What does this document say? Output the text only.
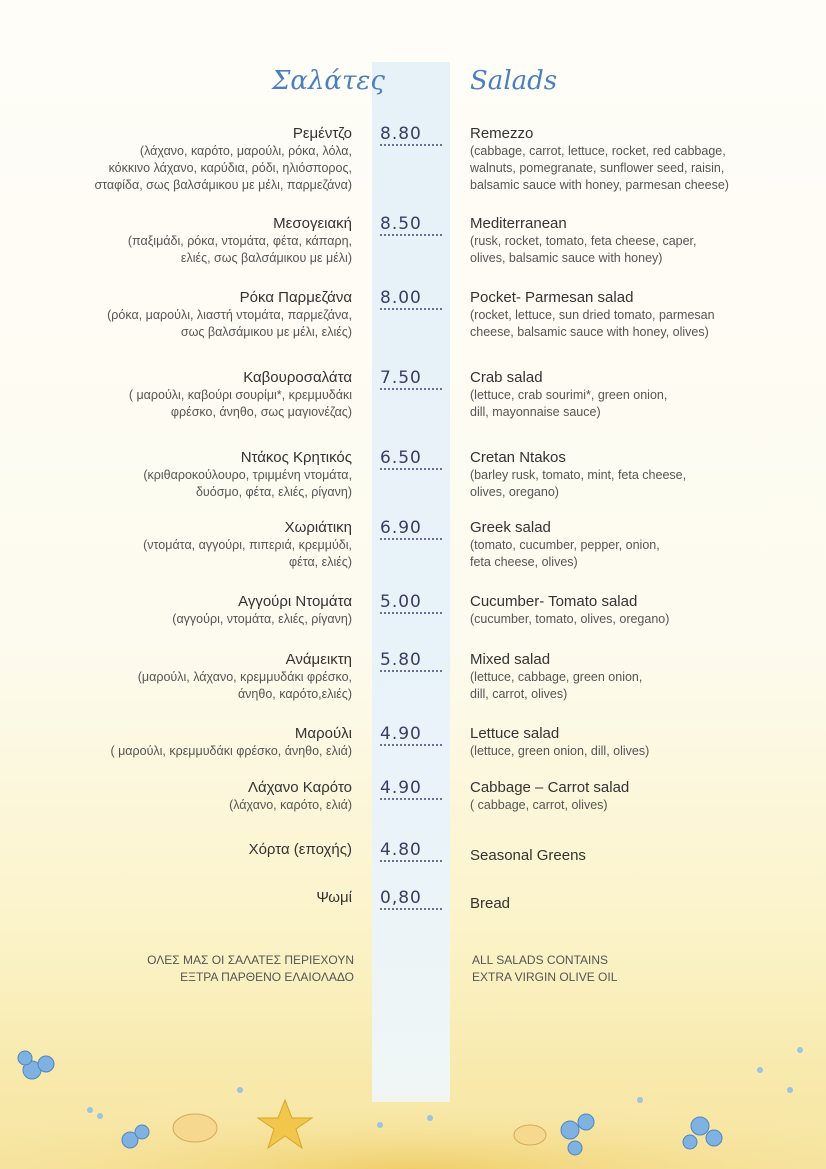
Σαλάτες	Salads
Ρεμέντζο
(λάχανο, καρότο, μαρούλι, ρόκα, λόλα,
κόκκινο λάχανο, καρύδια, ρόδι, ηλιόσπορος,
σταφίδα, σως βαλσάμικου με μέλι, παρμεζάνα)
8.80	Remezzo
(cabbage, carrot, lettuce, rocket, red cabbage,
walnuts, pomegranate, sunflower seed, raisin,
balsamic sauce with honey, parmesan cheese)
Μεσογειακή
(παξιμάδι, ρόκα, ντομάτα, φέτα, κάπαρη,
ελιές, σως βαλσάμικου με μέλι)
8.50	Mediterranean
(rusk, rocket, tomato, feta cheese, caper,
olives, balsamic sauce with honey)
Ρόκα Παρμεζάνα
(ρόκα, μαρούλι, λιαστή ντομάτα, παρμεζάνα,
σως βαλσάμικου με μέλι, ελιές)
8.00	Pocket- Parmesan salad
(rocket, lettuce, sun dried tomato, parmesan
cheese, balsamic sauce with honey, olives)
Καβουροσαλάτα
( μαρούλι, καβούρι σουρίμι*, κρεμμυδάκι
φρέσκο, άνηθο, σως μαγιονέζας)
7.50	Crab salad
(lettuce, crab sourimi*, green onion,
dill, mayonnaise sauce)
Ντάκος Κρητικός
(κριθαροκούλουρο, τριμμένη ντομάτα,
δυόσμο, φέτα, ελιές, ρίγανη)
6.50	Cretan Ntakos
(barley rusk, tomato, mint, feta cheese,
olives, oregano)
Χωριάτικη
(ντομάτα, αγγούρι, πιπεριά, κρεμμύδι,
φέτα, ελιές)
6.90	Greek salad
(tomato, cucumber, pepper, onion,
feta cheese, olives)
Αγγούρι Ντομάτα
(αγγούρι, ντομάτα, ελιές, ρίγανη)
5.00	Cucumber- Tomato salad
(cucumber, tomato, olives, oregano)
Ανάμεικτη
(μαρούλι, λάχανο, κρεμμυδάκι φρέσκο,
άνηθο, καρότο,ελιές)
5.80	Mixed salad
(lettuce, cabbage, green onion,
dill, carrot, olives)
Μαρούλι
( μαρούλι, κρεμμυδάκι φρέσκο, άνηθο, ελιά)
4.90	Lettuce salad
(lettuce, green onion, dill, olives)
Λάχανο Καρότο
(λάχανο, καρότο, ελιά)
4.90	Cabbage – Carrot salad
( cabbage, carrot, olives)
Χόρτα (εποχής) 4.80	Seasonal Greens
Ψωμί 0,80	Bread
ΟΛΕΣ ΜΑΣ ΟΙ ΣΑΛΑΤΕΣ ΠΕΡΙΕΧΟΥΝ
ΕΞΤΡΑ ΠΑΡΘΕΝΟ ΕΛΑΙΟΛΑΔΟ
ALL SALADS CONTAINS
EXTRA VIRGIN OLIVE OIL
